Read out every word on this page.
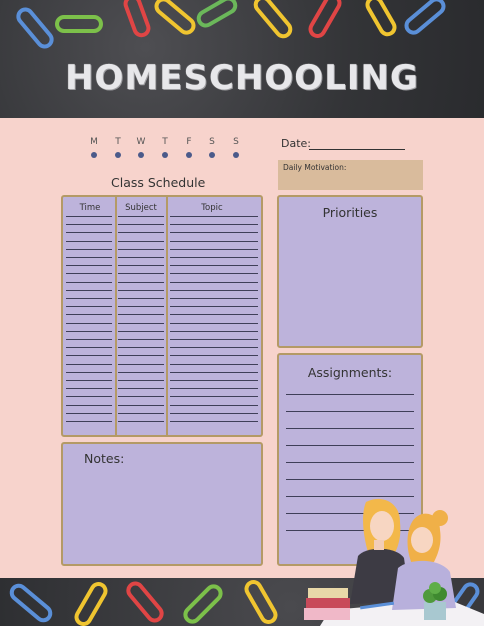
HOMESCHOOLING
M	T	W	T	F	S	S	Date:
Daily Motivation:
Class Schedule
Time	Subject	Topic
Notes:
Priorities
Assignments:
